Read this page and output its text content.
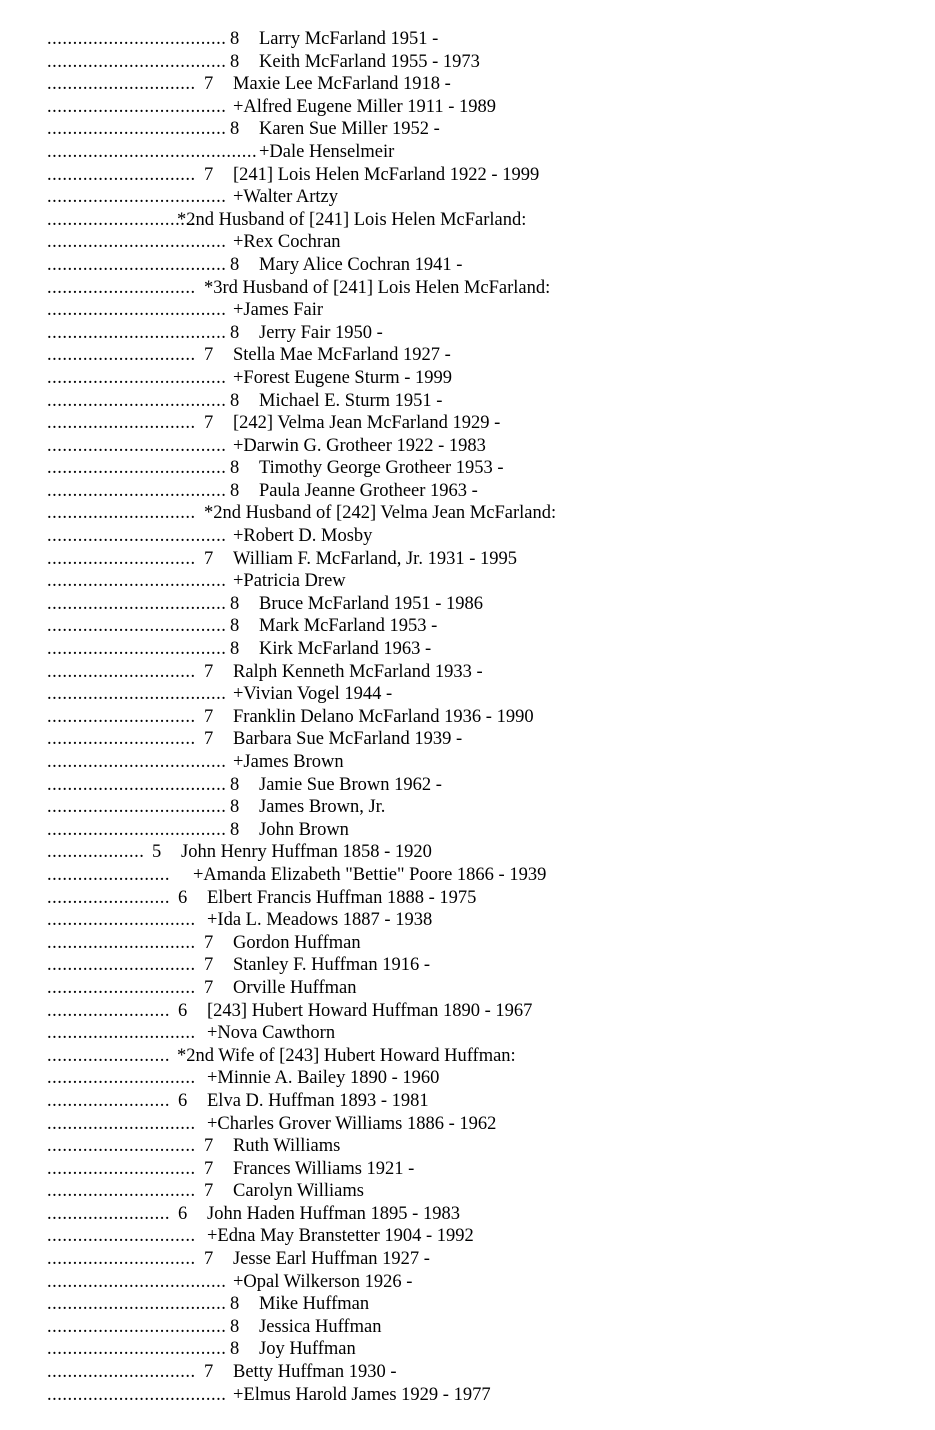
................................... 8 Larry McFarland 1951 -
................................... 8 Keith McFarland 1955 - 1973
............................. 7 Maxie Lee McFarland 1918 -
................................... +Alfred Eugene Miller 1911 - 1989
................................... 8 Karen Sue Miller 1952 -
......................................... +Dale Henselmeir
............................. 7 [241] Lois Helen McFarland 1922 - 1999
................................... +Walter Artzy
.............................
*2nd Husband of [241] Lois Helen McFarland:
................................... +Rex Cochran
................................... 8 Mary Alice Cochran 1941 -
............................. *3rd Husband of [241] Lois Helen McFarland:
................................... +James Fair
................................... 8 Jerry Fair 1950 -
............................. 7 Stella Mae McFarland 1927 -
................................... +Forest Eugene Sturm - 1999
................................... 8 Michael E. Sturm 1951 -
............................. 7 [242] Velma Jean McFarland 1929 -
................................... +Darwin G. Grotheer 1922 - 1983
................................... 8 Timothy George Grotheer 1953 -
................................... 8 Paula Jeanne Grotheer 1963 -
............................. *2nd Husband of [242] Velma Jean McFarland:
................................... +Robert D. Mosby
............................. 7 William F. McFarland, Jr. 1931 - 1995
................................... +Patricia Drew
................................... 8 Bruce McFarland 1951 - 1986
................................... 8 Mark McFarland 1953 -
................................... 8 Kirk McFarland 1963 -
............................. 7 Ralph Kenneth McFarland 1933 -
................................... +Vivian Vogel 1944 -
............................. 7 Franklin Delano McFarland 1936 - 1990
............................. 7 Barbara Sue McFarland 1939 -
................................... +James Brown
................................... 8 Jamie Sue Brown 1962 -
................................... 8 James Brown, Jr.
................................... 8 John Brown
................... 5 John Henry Huffman 1858 - 1920
........................ +Amanda Elizabeth "Bettie" Poore 1866 - 1939
........................ 6 Elbert Francis Huffman 1888 - 1975
............................. +Ida L. Meadows 1887 - 1938
............................. 7 Gordon Huffman
............................. 7 Stanley F. Huffman 1916 -
............................. 7 Orville Huffman
........................ 6 [243] Hubert Howard Huffman 1890 - 1967
............................. +Nova Cawthorn
........................ *2nd Wife of [243] Hubert Howard Huffman:
............................. +Minnie A. Bailey 1890 - 1960
........................ 6 Elva D. Huffman 1893 - 1981
............................. +Charles Grover Williams 1886 - 1962
............................. 7 Ruth Williams
............................. 7 Frances Williams 1921 -
............................. 7 Carolyn Williams
........................ 6 John Haden Huffman 1895 - 1983
............................. +Edna May Branstetter 1904 - 1992
............................. 7 Jesse Earl Huffman 1927 -
................................... +Opal Wilkerson 1926 -
................................... 8 Mike Huffman
................................... 8 Jessica Huffman
................................... 8 Joy Huffman
............................. 7 Betty Huffman 1930 -
................................... +Elmus Harold James 1929 - 1977
